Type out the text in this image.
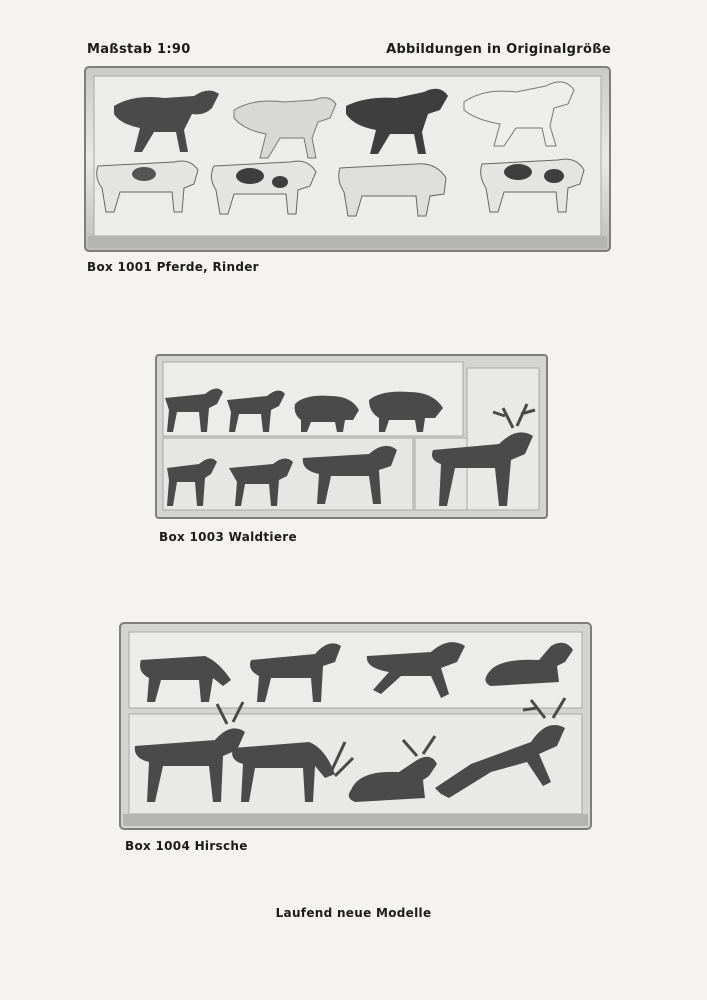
Maßstab 1:90	Abbildungen in Originalgröße
Box 1001 Pferde, Rinder
Box 1003 Waldtiere
Box 1004 Hirsche
Laufend neue Modelle
